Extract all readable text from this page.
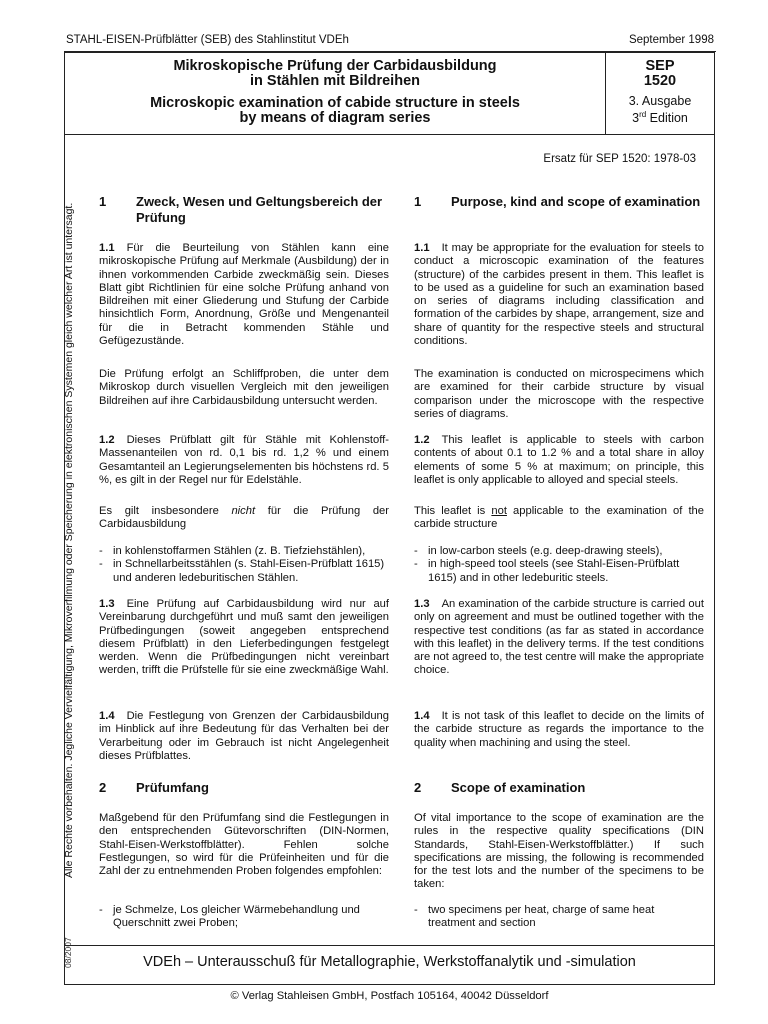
STAHL-EISEN-Prüfblätter (SEB) des Stahlinstitut VDEh	September 1998
Mikroskopische Prüfung der Carbidausbildung
in Stählen mit Bildreihen
Microskopic examination of cabide structure in steels
by means of diagram series
SEP
1520
3. Ausgabe
3rd Edition
Alle Rechte vorbehalten. Jegliche Vervielfältigung, Mikroverfilmung oder Speicherung in elektronischen Systemen gleich welcher Art ist untersagt.
08/2007
Ersatz für SEP 1520: 1978-03
1	Zweck, Wesen und Geltungsbereich der Prüfung
1.1 Für die Beurteilung von Stählen kann eine mikroskopische Prüfung auf Merkmale (Ausbildung) der in ihnen vorkommenden Carbide zweckmäßig sein. Dieses Blatt gibt Richtlinien für eine solche Prüfung anhand von Bildreihen mit einer Gliederung und Stufung der Carbide hinsichtlich Form, Anordnung, Größe und Mengenanteil für die in Betracht kommenden Stähle und Gefügezustände.
Die Prüfung erfolgt an Schliffproben, die unter dem Mikroskop durch visuellen Vergleich mit den jeweiligen Bildreihen auf ihre Carbidausbildung untersucht werden.
1.2 Dieses Prüfblatt gilt für Stähle mit Kohlenstoff-Massenanteilen von rd. 0,1 bis rd. 1,2 % und einem Gesamtanteil an Legierungselementen bis höchstens rd. 5 %, es gilt in der Regel nur für Edelstähle.
Es gilt insbesondere nicht für die Prüfung der Carbidausbildung
- in kohlenstoffarmen Stählen (z. B. Tiefziehstählen),
- in Schnellarbeitsstählen (s. Stahl-Eisen-Prüfblatt 1615) und anderen ledeburitischen Stählen.
1.3 Eine Prüfung auf Carbidausbildung wird nur auf Vereinbarung durchgeführt und muß samt den jeweiligen Prüfbedingungen (soweit angegeben entsprechend diesem Prüfblatt) in den Lieferbedingungen festgelegt werden. Wenn die Prüfbedingungen nicht vereinbart werden, trifft die Prüfstelle für sie eine zweckmäßige Wahl.
1.4 Die Festlegung von Grenzen der Carbidausbildung im Hinblick auf ihre Bedeutung für das Verhalten bei der Verarbeitung oder im Gebrauch ist nicht Angelegenheit dieses Prüfblattes.
2	Prüfumfang
Maßgebend für den Prüfumfang sind die Festlegungen in den entsprechenden Gütevorschriften (DIN-Normen, Stahl-Eisen-Werkstoffblätter). Fehlen solche Festlegungen, so wird für die Prüfeinheiten und für die Zahl der zu entnehmenden Proben folgendes empfohlen:
- je Schmelze, Los gleicher Wärmebehandlung und Querschnitt zwei Proben;
1	Purpose, kind and scope of examination
1.1 It may be appropriate for the evaluation for steels to conduct a microscopic examination of the features (structure) of the carbides present in them. This leaflet is to be used as a guideline for such an examination based on series of diagrams including classification and formation of the carbides by shape, arrangement, size and share of quantity for the respective steels and structural conditions.
The examination is conducted on microspecimens which are examined for their carbide structure by visual comparison under the microscope with the respective series of diagrams.
1.2 This leaflet is applicable to steels with carbon contents of about 0.1 to 1.2 % and a total share in alloy elements of some 5 % at maximum; on principle, this leaflet is only applicable to alloyed and special steels.
This leaflet is not applicable to the examination of the carbide structure
- in low-carbon steels (e.g. deep-drawing steels),
- in high-speed tool steels (see Stahl-Eisen-Prüfblatt 1615) and in other ledeburitic steels.
1.3 An examination of the carbide structure is carried out only on agreement and must be outlined together with the respective test conditions (as far as stated in accordance with this leaflet) in the delivery terms. If the test conditions are not agreed to, the test centre will make the appropriate choice.
1.4 It is not task of this leaflet to decide on the limits of the carbide structure as regards the importance to the quality when machining and using the steel.
2	Scope of examination
Of vital importance to the scope of examination are the rules in the respective quality specifications (DIN Standards, Stahl-Eisen-Werkstoffblätter.) If such specifications are missing, the following is recommended for the test lots and the number of the specimens to be taken:
- two specimens per heat, charge of same heat treatment and section
VDEh – Unterausschuß für Metallographie, Werkstoffanalytik und -simulation
© Verlag Stahleisen GmbH, Postfach 105164, 40042 Düsseldorf
